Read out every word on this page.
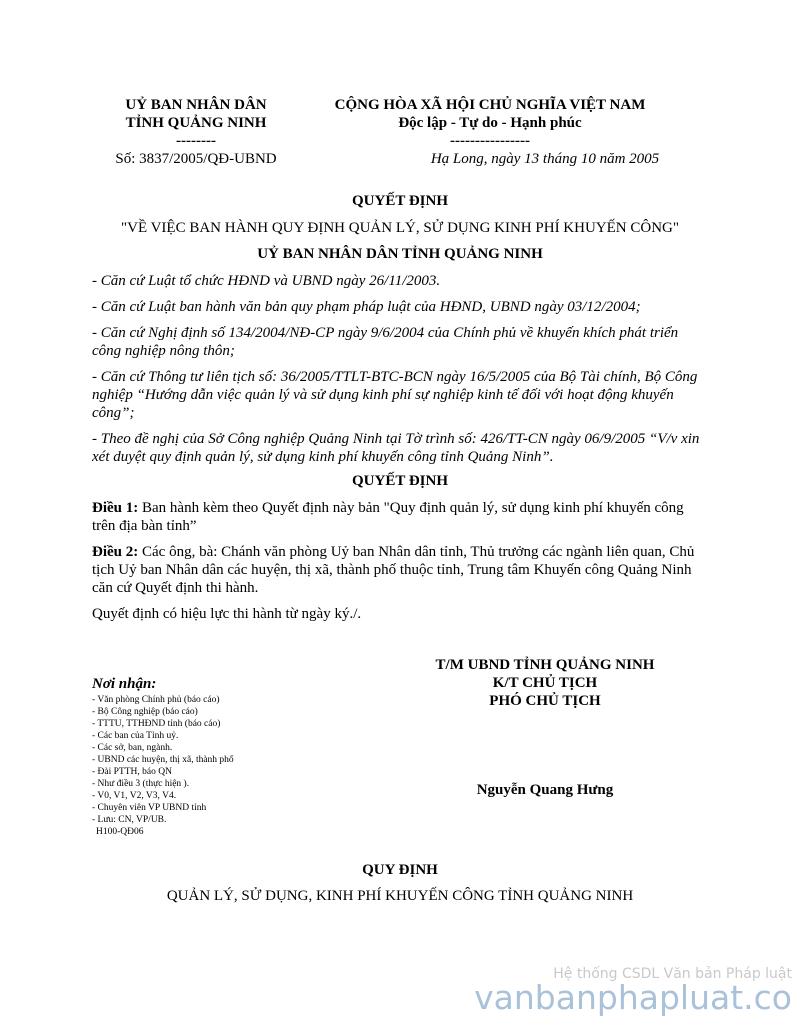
UỶ BAN NHÂN DÂN
TỈNH QUẢNG NINH
--------
CỘNG HÒA XÃ HỘI CHỦ NGHĨA VIỆT NAM
Độc lập - Tự do - Hạnh phúc
----------------
Số: 3837/2005/QĐ-UBND	Hạ Long, ngày 13 tháng 10 năm 2005
QUYẾT ĐỊNH
"VỀ VIỆC BAN HÀNH QUY ĐỊNH QUẢN LÝ, SỬ DỤNG KINH PHÍ KHUYẾN CÔNG"
UỶ BAN NHÂN DÂN TỈNH QUẢNG NINH
- Căn cứ Luật tổ chức HĐND và UBND ngày 26/11/2003.
- Căn cứ Luật ban hành văn bản quy phạm pháp luật của HĐND, UBND ngày 03/12/2004;
- Căn cứ Nghị định số 134/2004/NĐ-CP ngày 9/6/2004 của Chính phủ về khuyến khích phát triển công nghiệp nông thôn;
- Căn cứ Thông tư liên tịch số: 36/2005/TTLT-BTC-BCN ngày 16/5/2005 của Bộ Tài chính, Bộ Công nghiệp “Hướng dẫn việc quản lý và sử dụng kinh phí sự nghiệp kinh tế đối với hoạt động khuyến công”;
- Theo đề nghị của Sở Công nghiệp Quảng Ninh tại Tờ trình số: 426/TT-CN ngày 06/9/2005 “V/v xin xét duyệt quy định quản lý, sử dụng kinh phí khuyến công tỉnh Quảng Ninh”.
QUYẾT ĐỊNH
Điều 1: Ban hành kèm theo Quyết định này bản "Quy định quản lý, sử dụng kinh phí khuyến công trên địa bàn tỉnh”
Điều 2: Các ông, bà: Chánh văn phòng Uỷ ban Nhân dân tỉnh, Thủ trưởng các ngành liên quan, Chủ tịch Uỷ ban Nhân dân các huyện, thị xã, thành phố thuộc tỉnh, Trung tâm Khuyến công Quảng Ninh căn cứ Quyết định thi hành.
Quyết định có hiệu lực thi hành từ ngày ký./.
T/M UBND TỈNH QUẢNG NINH
K/T CHỦ TỊCH
PHÓ CHỦ TỊCH
Nguyễn Quang Hưng
Nơi nhận:
- Văn phòng Chính phủ (báo cáo)
- Bộ Công nghiệp (báo cáo)
- TTTU, TTHĐND tỉnh (báo cáo)
- Các ban của Tỉnh uỷ.
- Các sở, ban, ngành.
- UBND các huyện, thị xã, thành phố
- Đài PTTH, báo QN
- Như điều 3 (thực hiện ).
- V0, V1, V2, V3, V4.
- Chuyên viên VP UBND tỉnh
- Lưu: CN, VP/UB.
H100-QĐ06
QUY ĐỊNH
QUẢN LÝ, SỬ DỤNG, KINH PHÍ KHUYẾN CÔNG TỈNH QUẢNG NINH
Hệ thống CSDL Văn bản Pháp luật
vanbanphapluat.co
